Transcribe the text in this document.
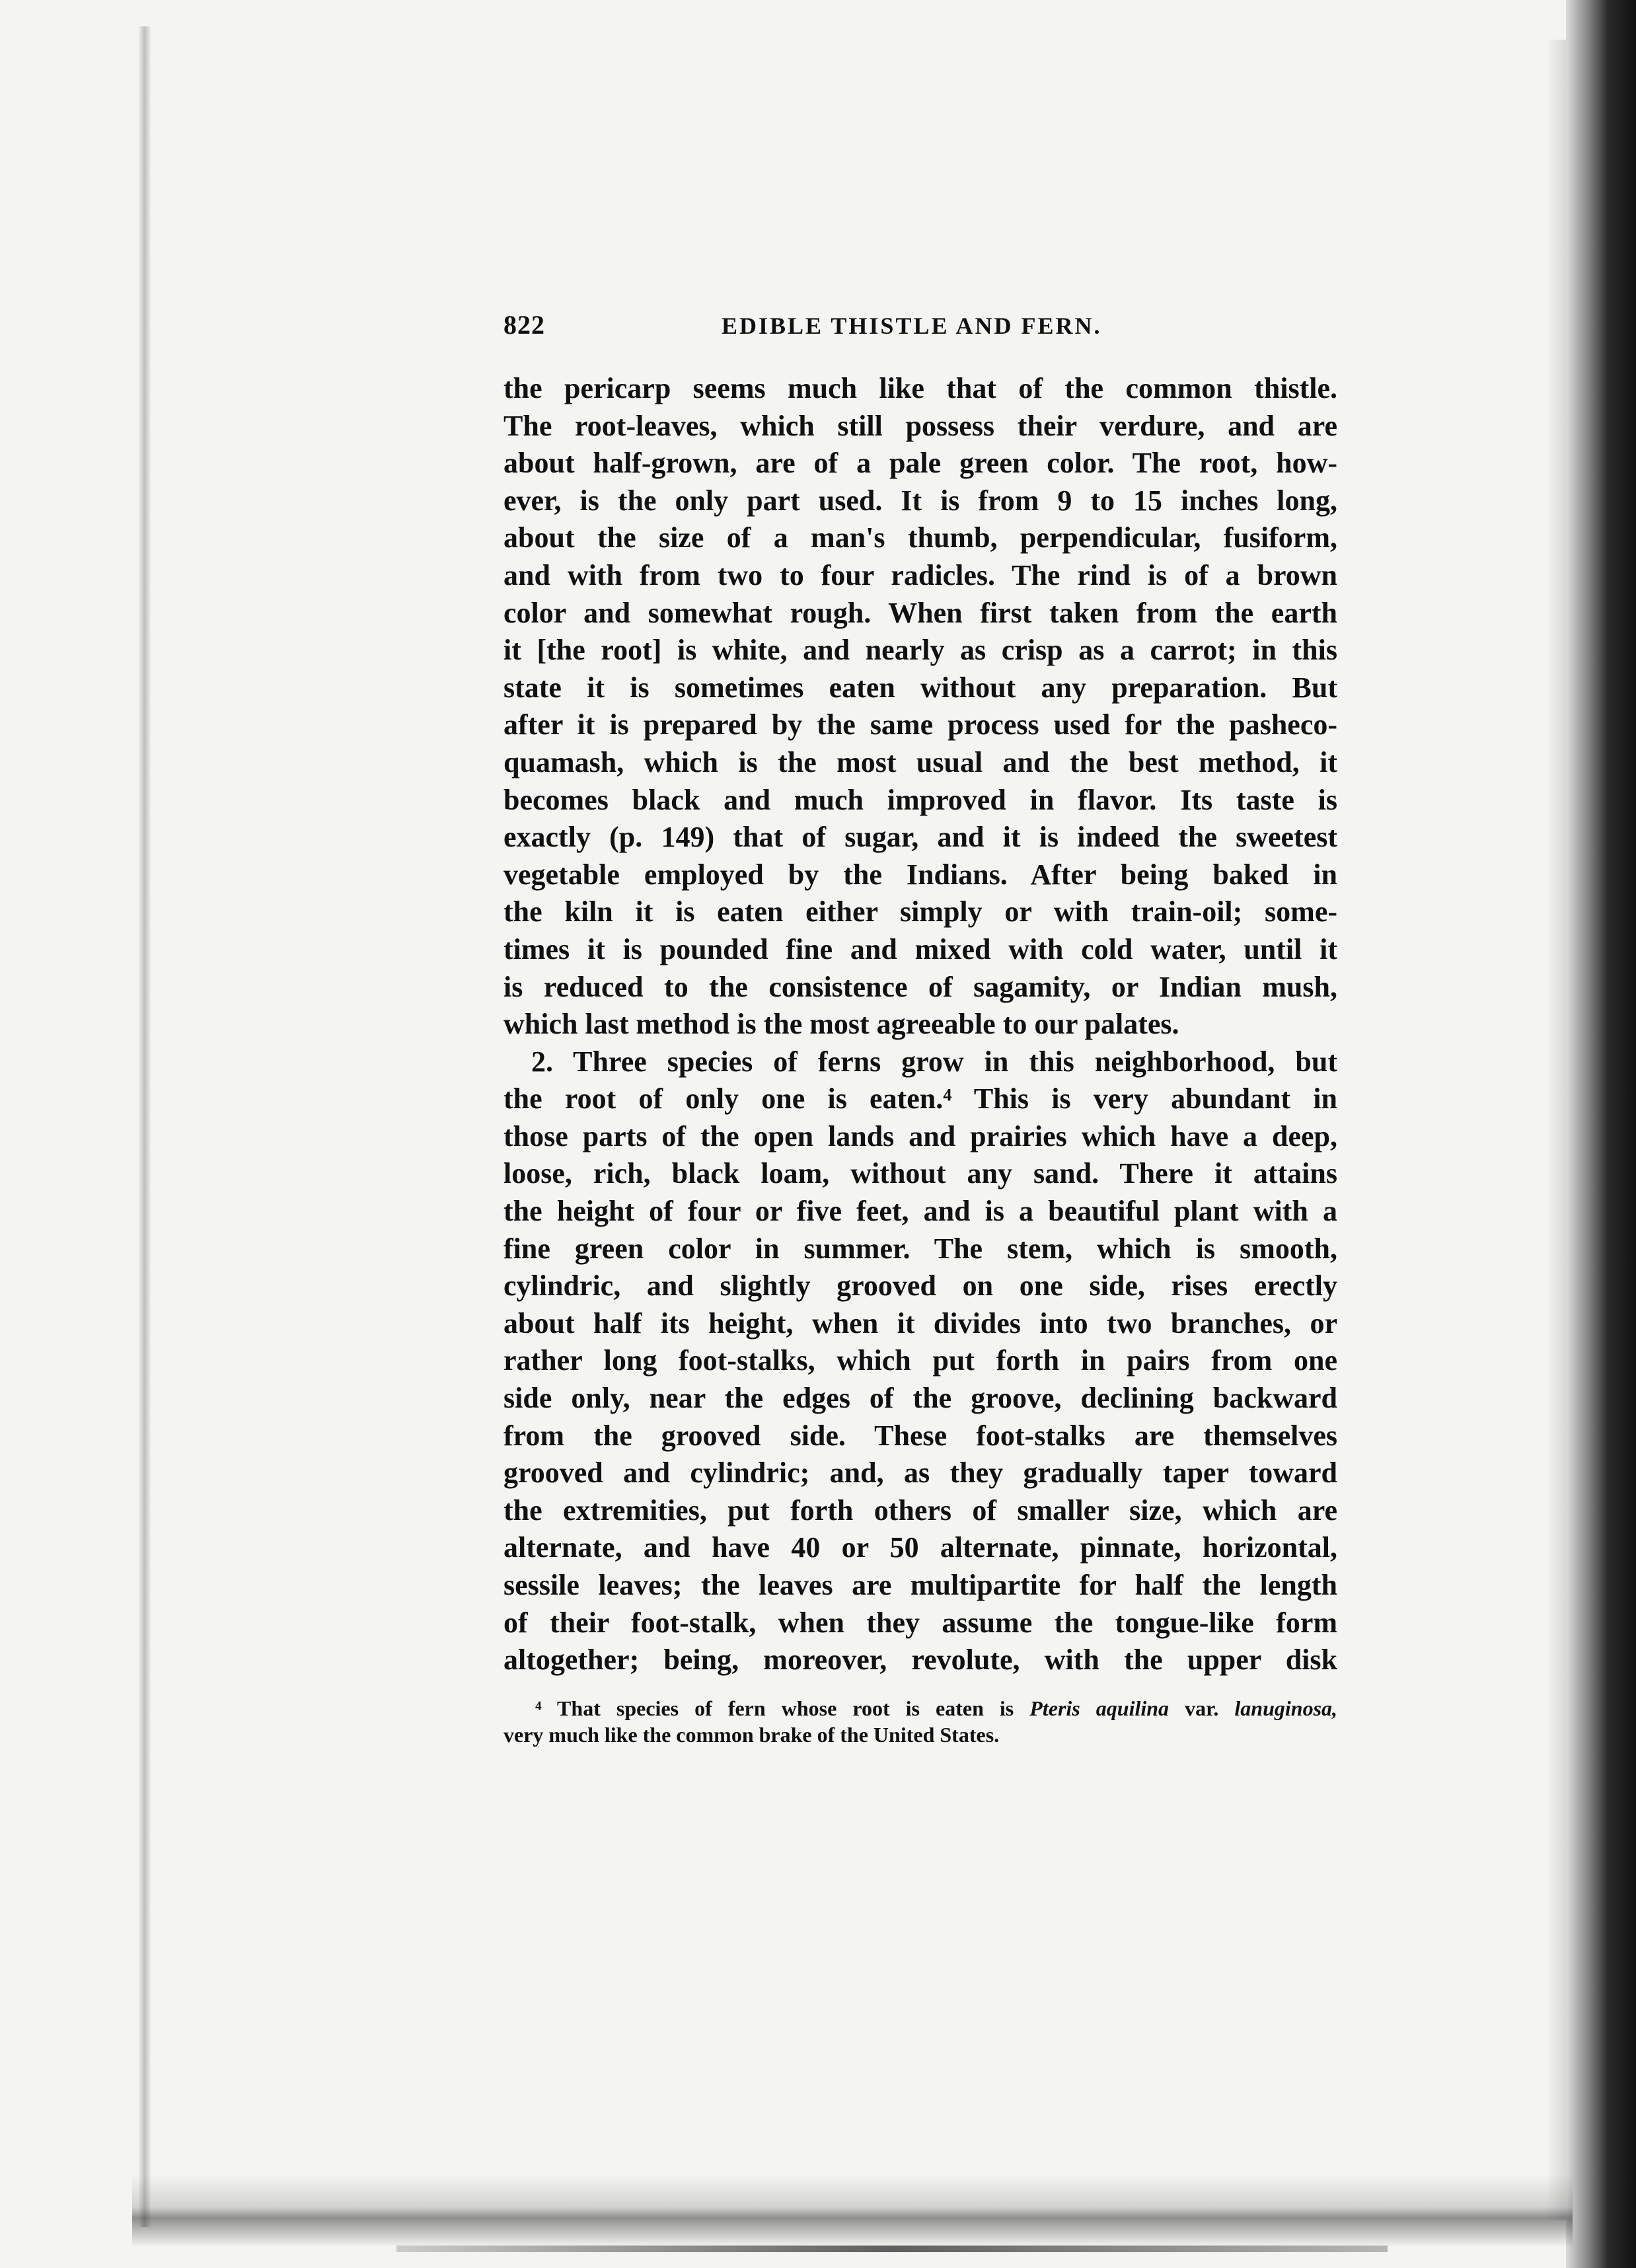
822	EDIBLE THISTLE AND FERN.
the pericarp seems much like that of the common thistle.
The root-leaves, which still possess their verdure, and are
about half-grown, are of a pale green color. The root, how-
ever, is the only part used. It is from 9 to 15 inches long,
about the size of a man's thumb, perpendicular, fusiform,
and with from two to four radicles. The rind is of a brown
color and somewhat rough. When first taken from the earth
it [the root] is white, and nearly as crisp as a carrot; in this
state it is sometimes eaten without any preparation. But
after it is prepared by the same process used for the pasheco-
quamash, which is the most usual and the best method, it
becomes black and much improved in flavor. Its taste is
exactly (p. 149) that of sugar, and it is indeed the sweetest
vegetable employed by the Indians. After being baked in
the kiln it is eaten either simply or with train-oil; some-
times it is pounded fine and mixed with cold water, until it
is reduced to the consistence of sagamity, or Indian mush,
which last method is the most agreeable to our palates.
2. Three species of ferns grow in this neighborhood, but
the root of only one is eaten.⁴ This is very abundant in
those parts of the open lands and prairies which have a deep,
loose, rich, black loam, without any sand. There it attains
the height of four or five feet, and is a beautiful plant with a
fine green color in summer. The stem, which is smooth,
cylindric, and slightly grooved on one side, rises erectly
about half its height, when it divides into two branches, or
rather long foot-stalks, which put forth in pairs from one
side only, near the edges of the groove, declining backward
from the grooved side. These foot-stalks are themselves
grooved and cylindric; and, as they gradually taper toward
the extremities, put forth others of smaller size, which are
alternate, and have 40 or 50 alternate, pinnate, horizontal,
sessile leaves; the leaves are multipartite for half the length
of their foot-stalk, when they assume the tongue-like form
altogether; being, moreover, revolute, with the upper disk
⁴ That species of fern whose root is eaten is Pteris aquilina var. lanuginosa,
very much like the common brake of the United States.
